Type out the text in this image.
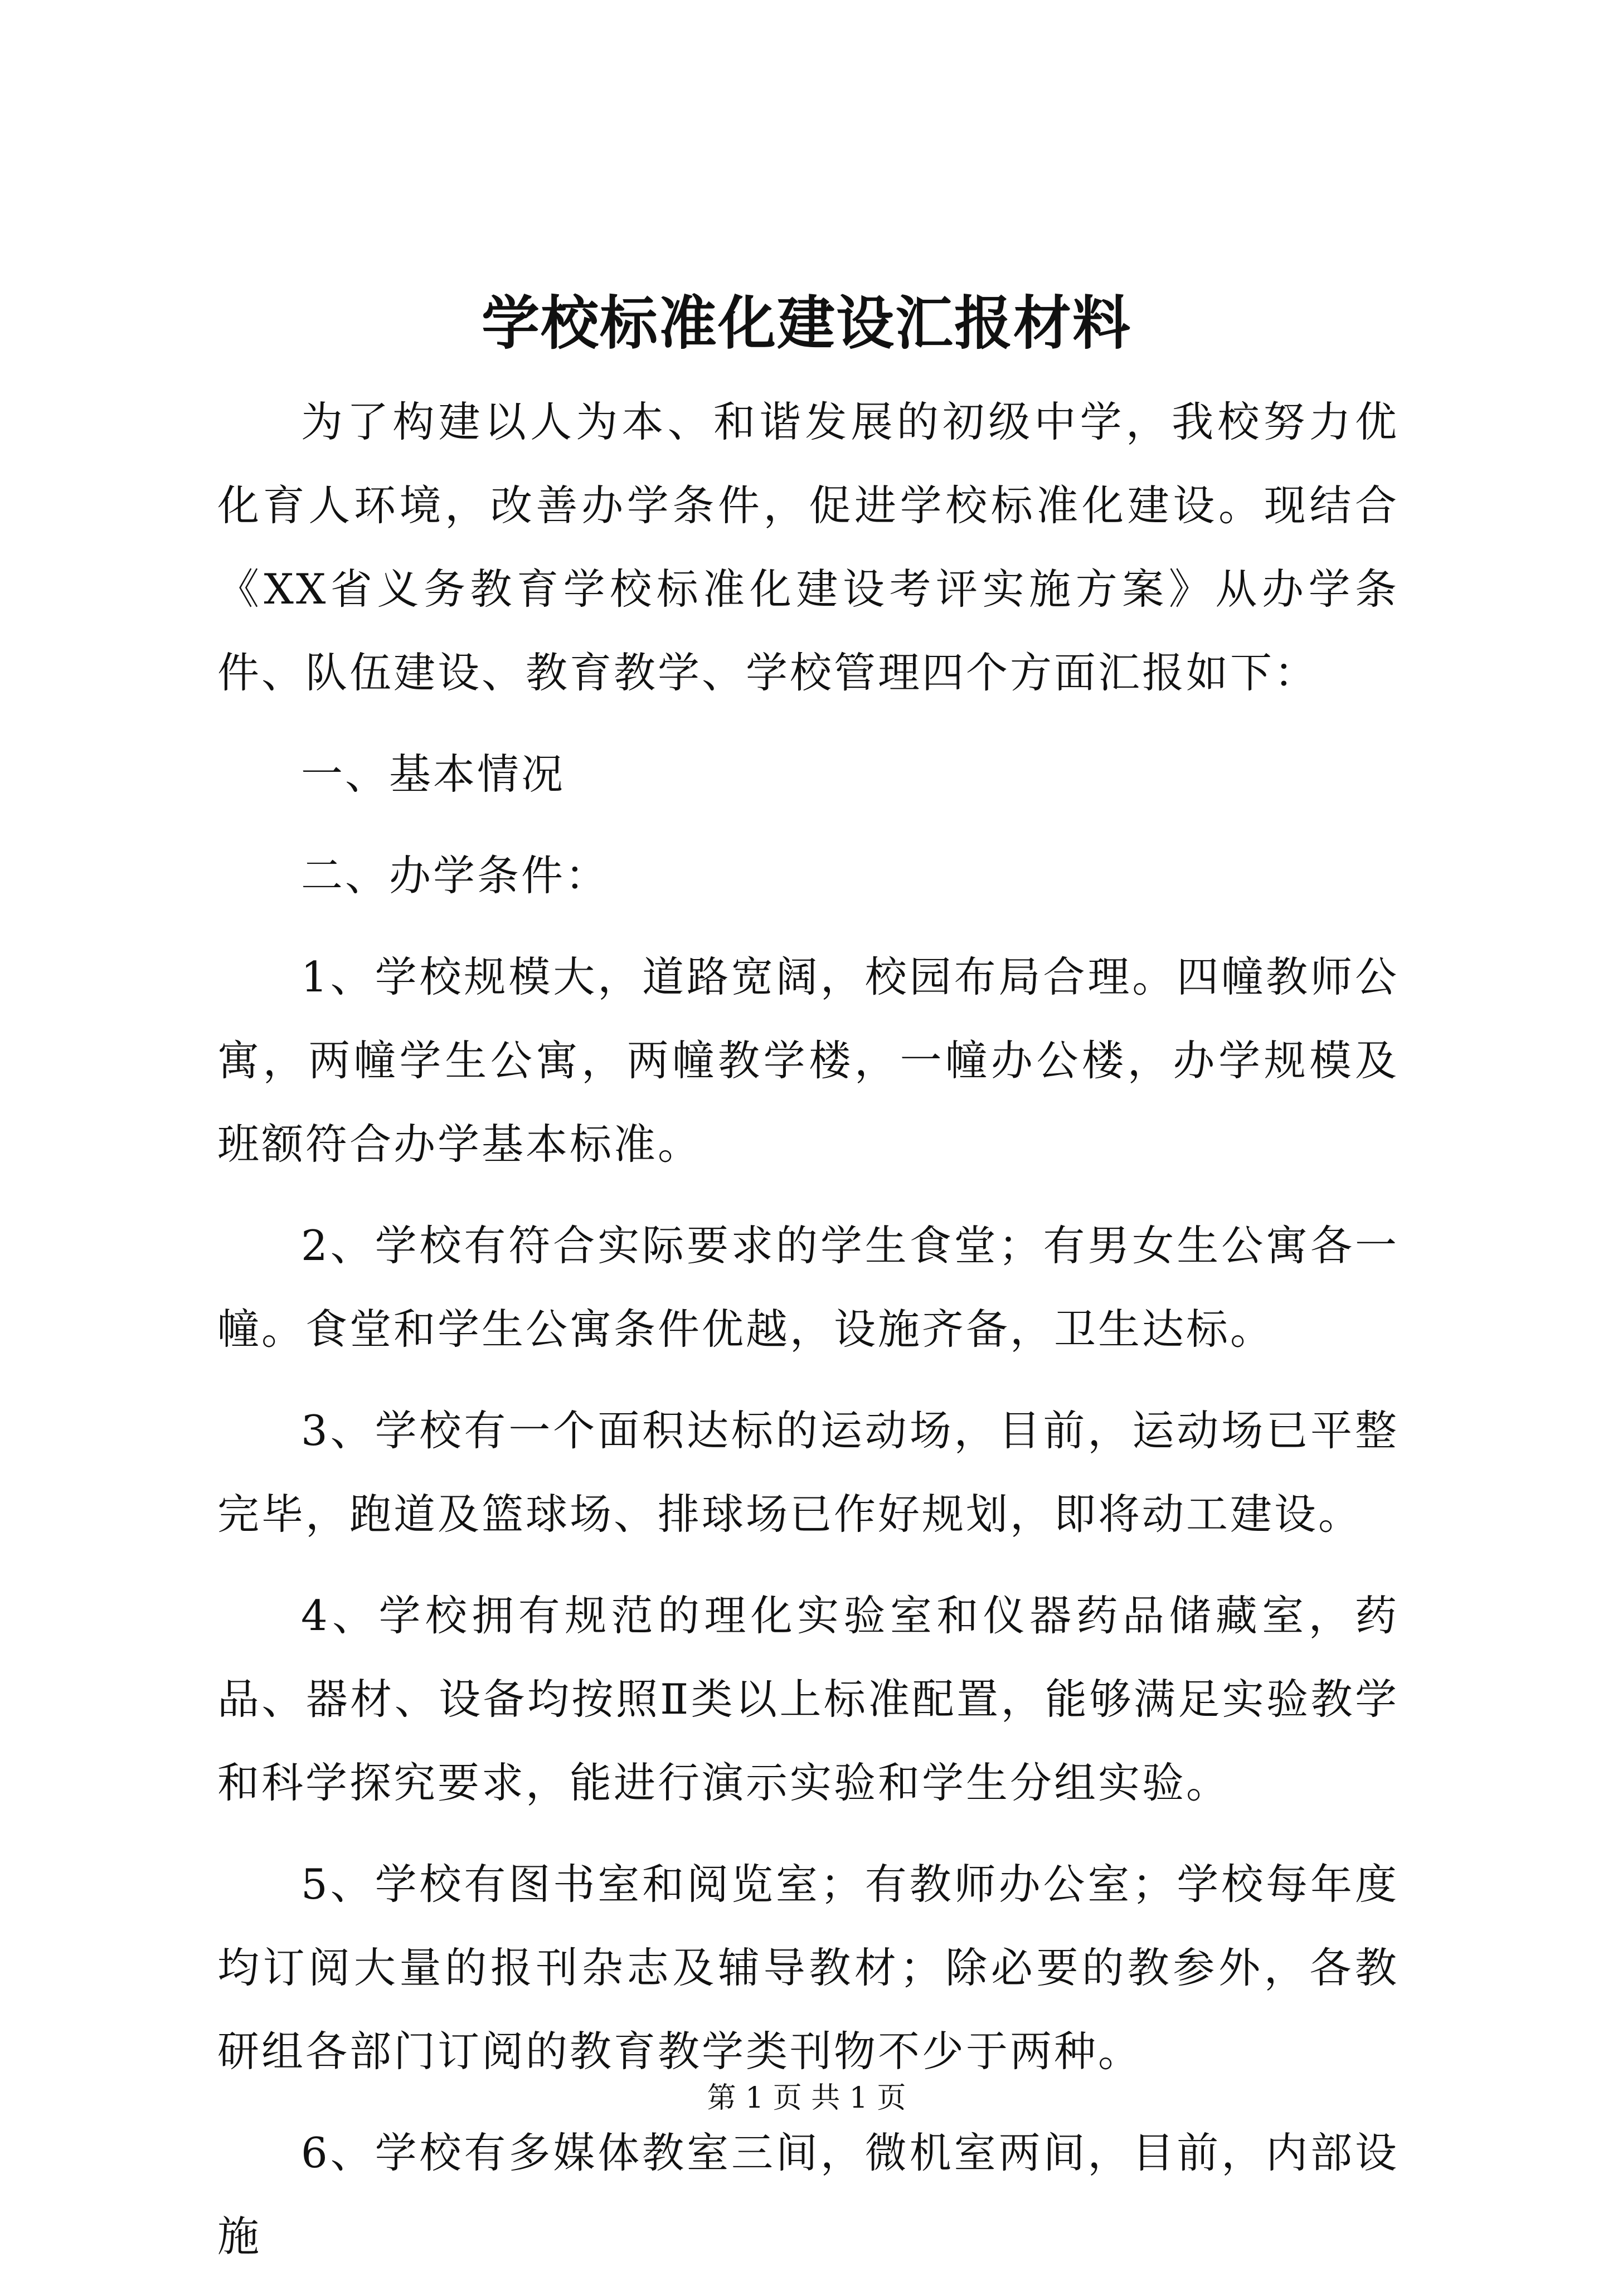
学校标准化建设汇报材料

为了构建以人为本、和谐发展的初级中学，我校努力优化育人环境，改善办学条件，促进学校标准化建设。现结合《XX省义务教育学校标准化建设考评实施方案》从办学条件、队伍建设、教育教学、学校管理四个方面汇报如下：

一、基本情况

二、办学条件：

1、学校规模大，道路宽阔，校园布局合理。四幢教师公寓，两幢学生公寓，两幢教学楼，一幢办公楼，办学规模及班额符合办学基本标准。

2、学校有符合实际要求的学生食堂；有男女生公寓各一幢。食堂和学生公寓条件优越，设施齐备，卫生达标。

3、学校有一个面积达标的运动场，目前，运动场已平整完毕，跑道及篮球场、排球场已作好规划，即将动工建设。

4、学校拥有规范的理化实验室和仪器药品储藏室，药品、器材、设备均按照Ⅱ类以上标准配置，能够满足实验教学和科学探究要求，能进行演示实验和学生分组实验。

5、学校有图书室和阅览室；有教师办公室；学校每年度均订阅大量的报刊杂志及辅导教材；除必要的教参外，各教研组各部门订阅的教育教学类刊物不少于两种。

6、学校有多媒体教室三间，微机室两间，目前，内部设施

第 1 页 共 1 页
